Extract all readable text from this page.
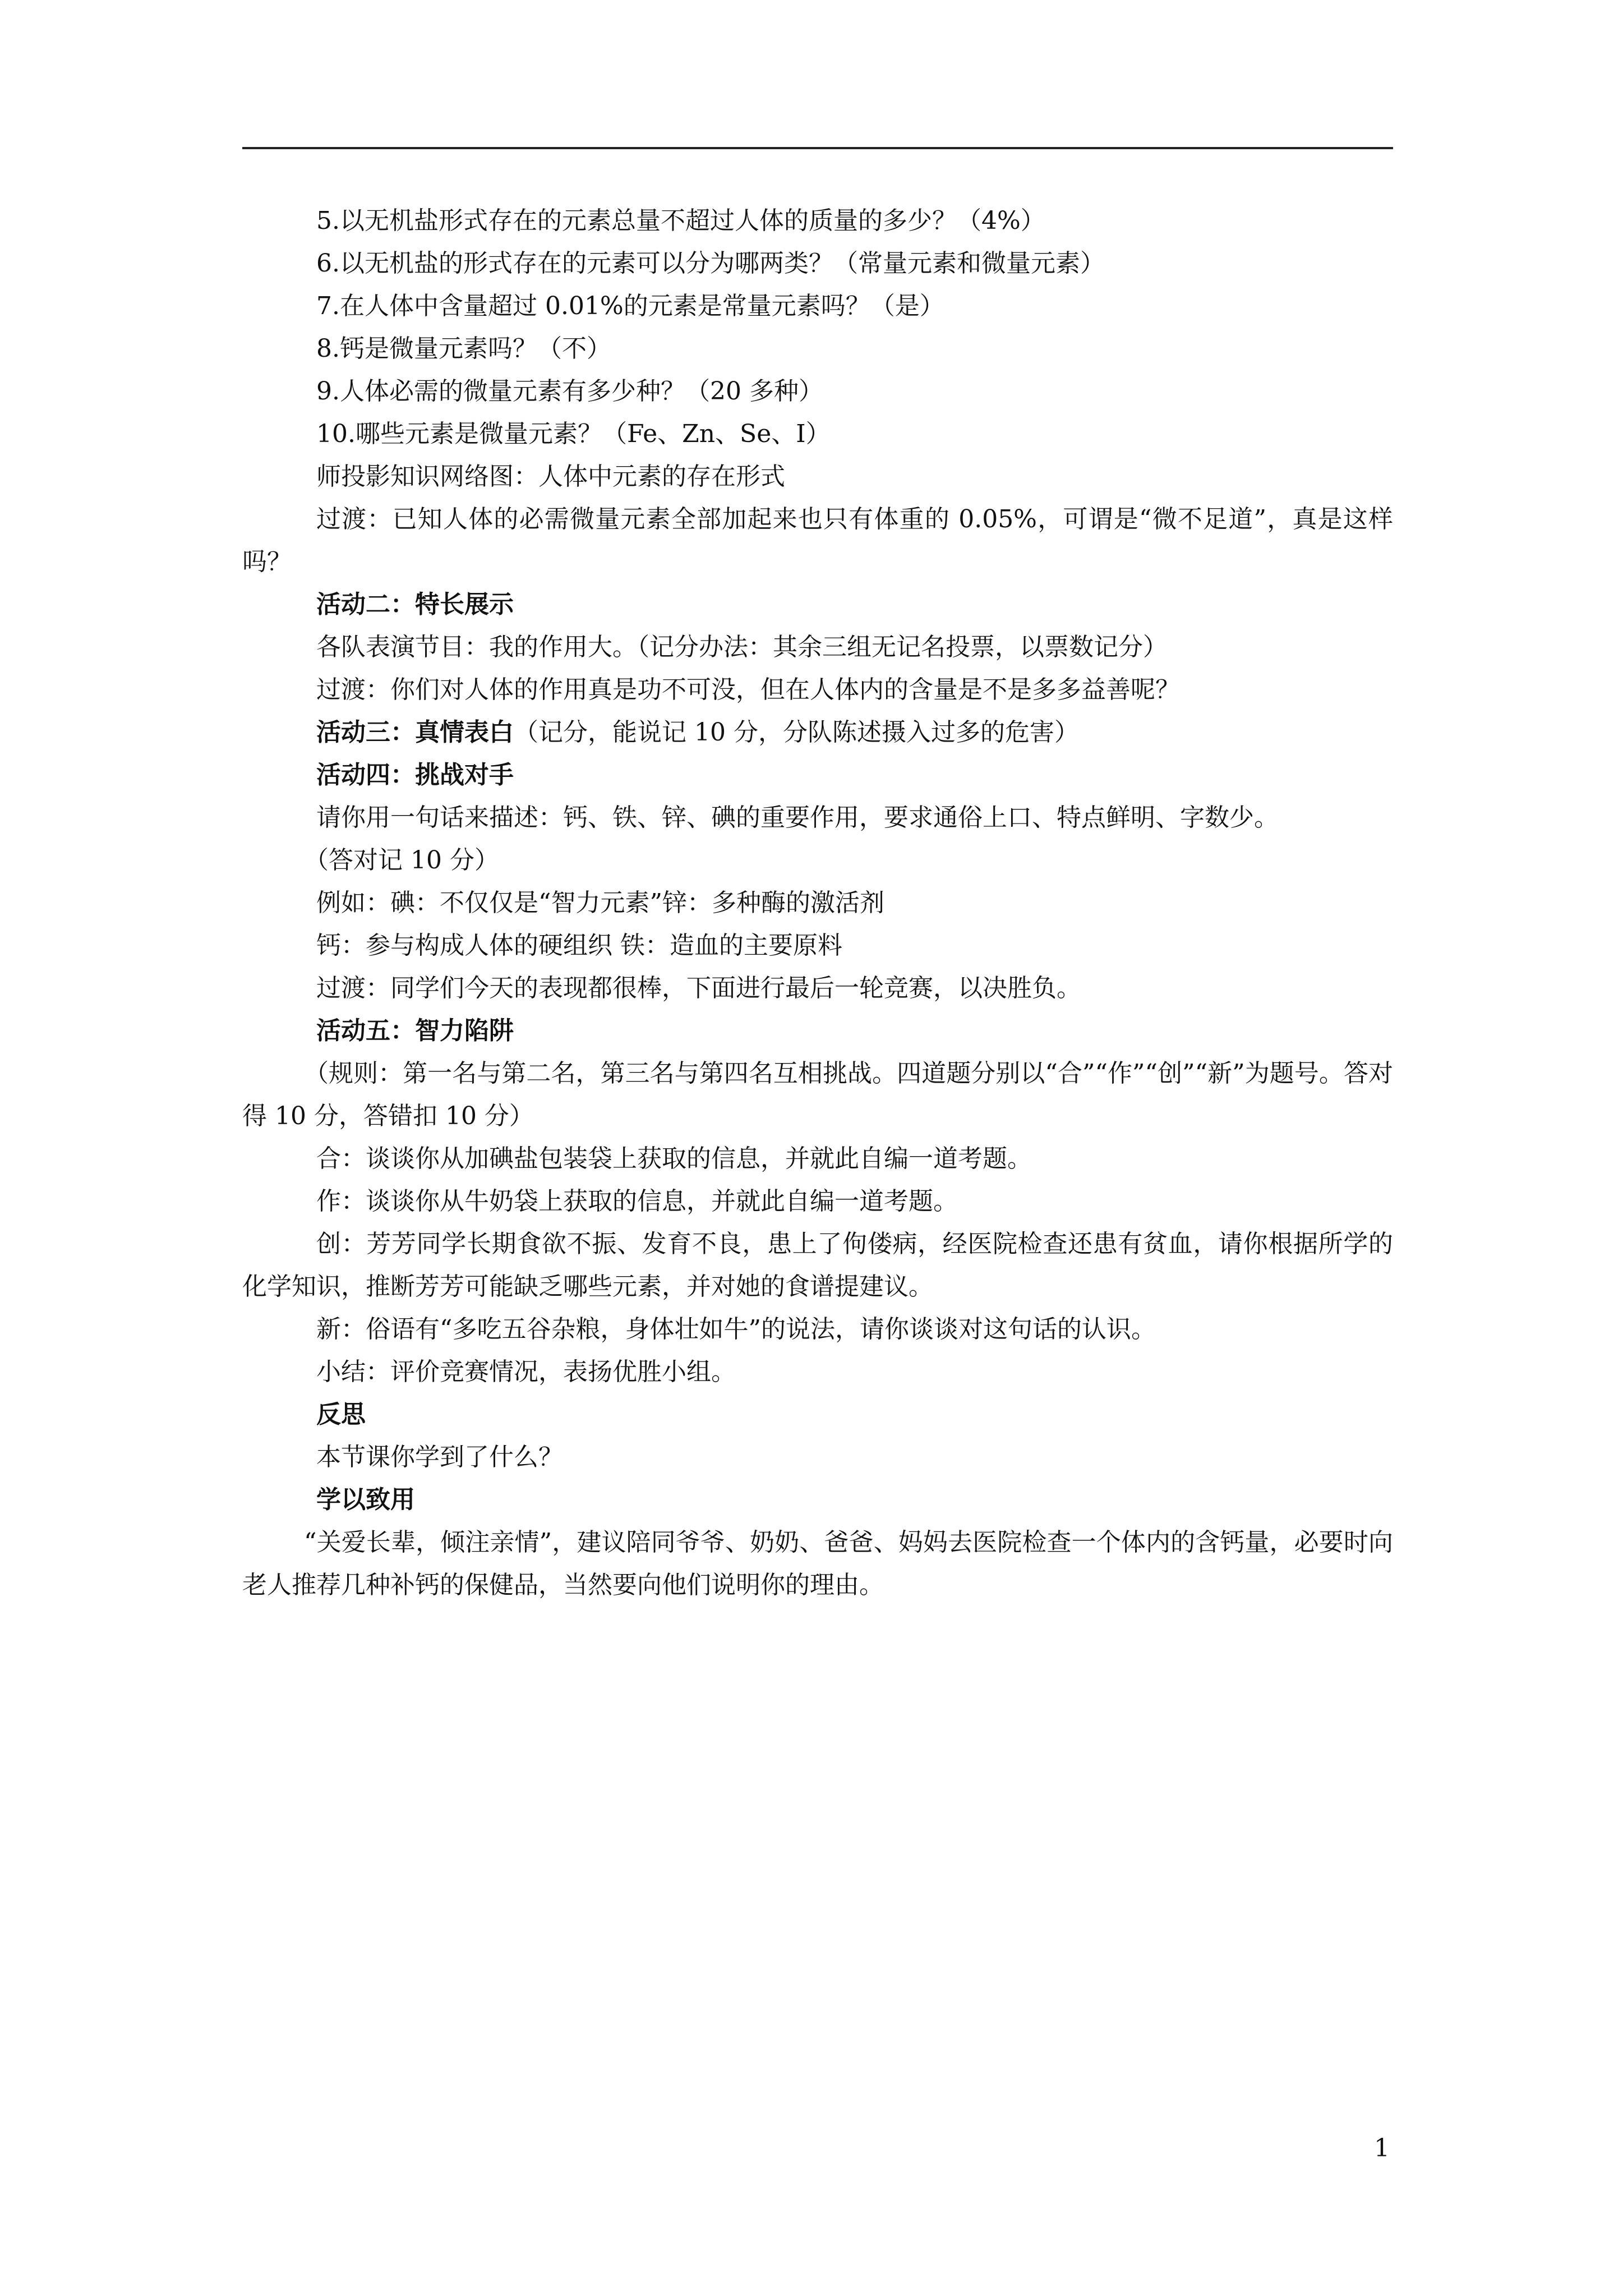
5.以无机盐形式存在的元素总量不超过人体的质量的多少？（4%）

6.以无机盐的形式存在的元素可以分为哪两类？（常量元素和微量元素）

7.在人体中含量超过 0.01%的元素是常量元素吗？（是）

8.钙是微量元素吗？（不）

9.人体必需的微量元素有多少种？（20 多种）

10.哪些元素是微量元素？（Fe、Zn、Se、I）

师投影知识网络图：人体中元素的存在形式

过渡：已知人体的必需微量元素全部加起来也只有体重的 0.05%，可谓是“微不足道”，真是这样吗？

活动二：特长展示

各队表演节目：我的作用大。（记分办法：其余三组无记名投票，以票数记分）

过渡：你们对人体的作用真是功不可没，但在人体内的含量是不是多多益善呢？

活动三：真情表白（记分，能说记 10 分，分队陈述摄入过多的危害）

活动四：挑战对手

请你用一句话来描述：钙、铁、锌、碘的重要作用，要求通俗上口、特点鲜明、字数少。

（答对记 10 分）

例如：碘：不仅仅是“智力元素”锌：多种酶的激活剂

钙：参与构成人体的硬组织 铁：造血的主要原料

过渡：同学们今天的表现都很棒，下面进行最后一轮竞赛，以决胜负。

活动五：智力陷阱

（规则：第一名与第二名，第三名与第四名互相挑战。四道题分别以“合”“作”“创”“新”为题号。答对得 10 分，答错扣 10 分）

合：谈谈你从加碘盐包装袋上获取的信息，并就此自编一道考题。

作：谈谈你从牛奶袋上获取的信息，并就此自编一道考题。

创：芳芳同学长期食欲不振、发育不良，患上了佝偻病，经医院检查还患有贫血，请你根据所学的化学知识，推断芳芳可能缺乏哪些元素，并对她的食谱提建议。

新：俗语有“多吃五谷杂粮，身体壮如牛”的说法，请你谈谈对这句话的认识。

小结：评价竞赛情况，表扬优胜小组。

反思

本节课你学到了什么？

学以致用

“关爱长辈，倾注亲情”，建议陪同爷爷、奶奶、爸爸、妈妈去医院检查一个体内的含钙量，必要时向老人推荐几种补钙的保健品，当然要向他们说明你的理由。

1
